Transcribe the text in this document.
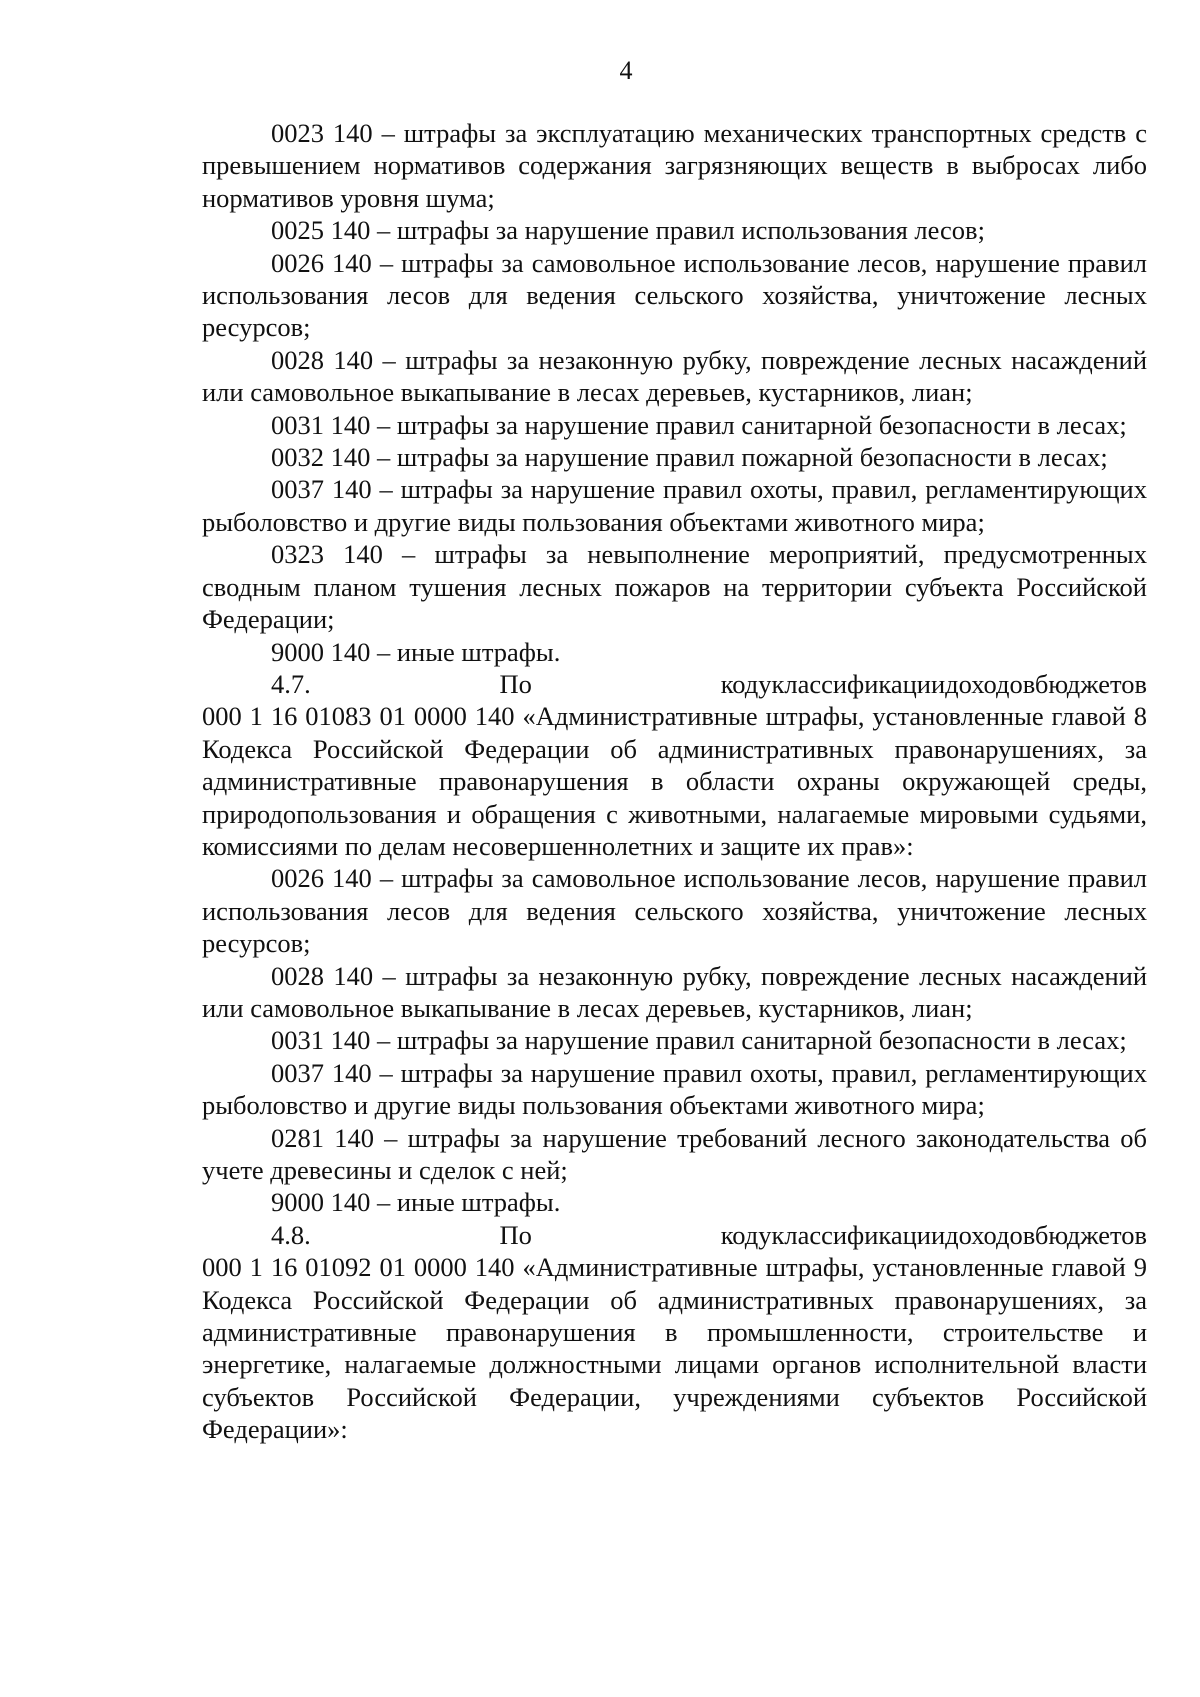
4

0023 140 – штрафы за эксплуатацию механических транспортных средств с превышением нормативов содержания загрязняющих веществ в выбросах либо нормативов уровня шума;

0025 140 – штрафы за нарушение правил использования лесов;

0026 140 – штрафы за самовольное использование лесов, нарушение правил использования лесов для ведения сельского хозяйства, уничтожение лесных ресурсов;

0028 140 – штрафы за незаконную рубку, повреждение лесных насаждений или самовольное выкапывание в лесах деревьев, кустарников, лиан;

0031 140 – штрафы за нарушение правил санитарной безопасности в лесах;

0032 140 – штрафы за нарушение правил пожарной безопасности в лесах;

0037 140 – штрафы за нарушение правил охоты, правил, регламентирующих рыболовство и другие виды пользования объектами животного мира;

0323 140 – штрафы за невыполнение мероприятий, предусмотренных сводным планом тушения лесных пожаров на территории субъекта Российской Федерации;

9000 140 – иные штрафы.

4.7. По кодуклассификациидоходовбюджетов

000 1 16 01083 01 0000 140 «Административные штрафы, установленные главой 8 Кодекса Российской Федерации об административных правонарушениях, за административные правонарушения в области охраны окружающей среды, природопользования и обращения с животными, налагаемые мировыми судьями, комиссиями по делам несовершеннолетних и защите их прав»:

0026 140 – штрафы за самовольное использование лесов, нарушение правил использования лесов для ведения сельского хозяйства, уничтожение лесных ресурсов;

0028 140 – штрафы за незаконную рубку, повреждение лесных насаждений или самовольное выкапывание в лесах деревьев, кустарников, лиан;

0031 140 – штрафы за нарушение правил санитарной безопасности в лесах;

0037 140 – штрафы за нарушение правил охоты, правил, регламентирующих рыболовство и другие виды пользования объектами животного мира;

0281 140 – штрафы за нарушение требований лесного законодательства об учете древесины и сделок с ней;

9000 140 – иные штрафы.

4.8. По кодуклассификациидоходовбюджетов

000 1 16 01092 01 0000 140 «Административные штрафы, установленные главой 9 Кодекса Российской Федерации об административных правонарушениях, за административные правонарушения в промышленности, строительстве и энергетике, налагаемые должностными лицами органов исполнительной власти субъектов Российской Федерации, учреждениями субъектов Российской Федерации»:
